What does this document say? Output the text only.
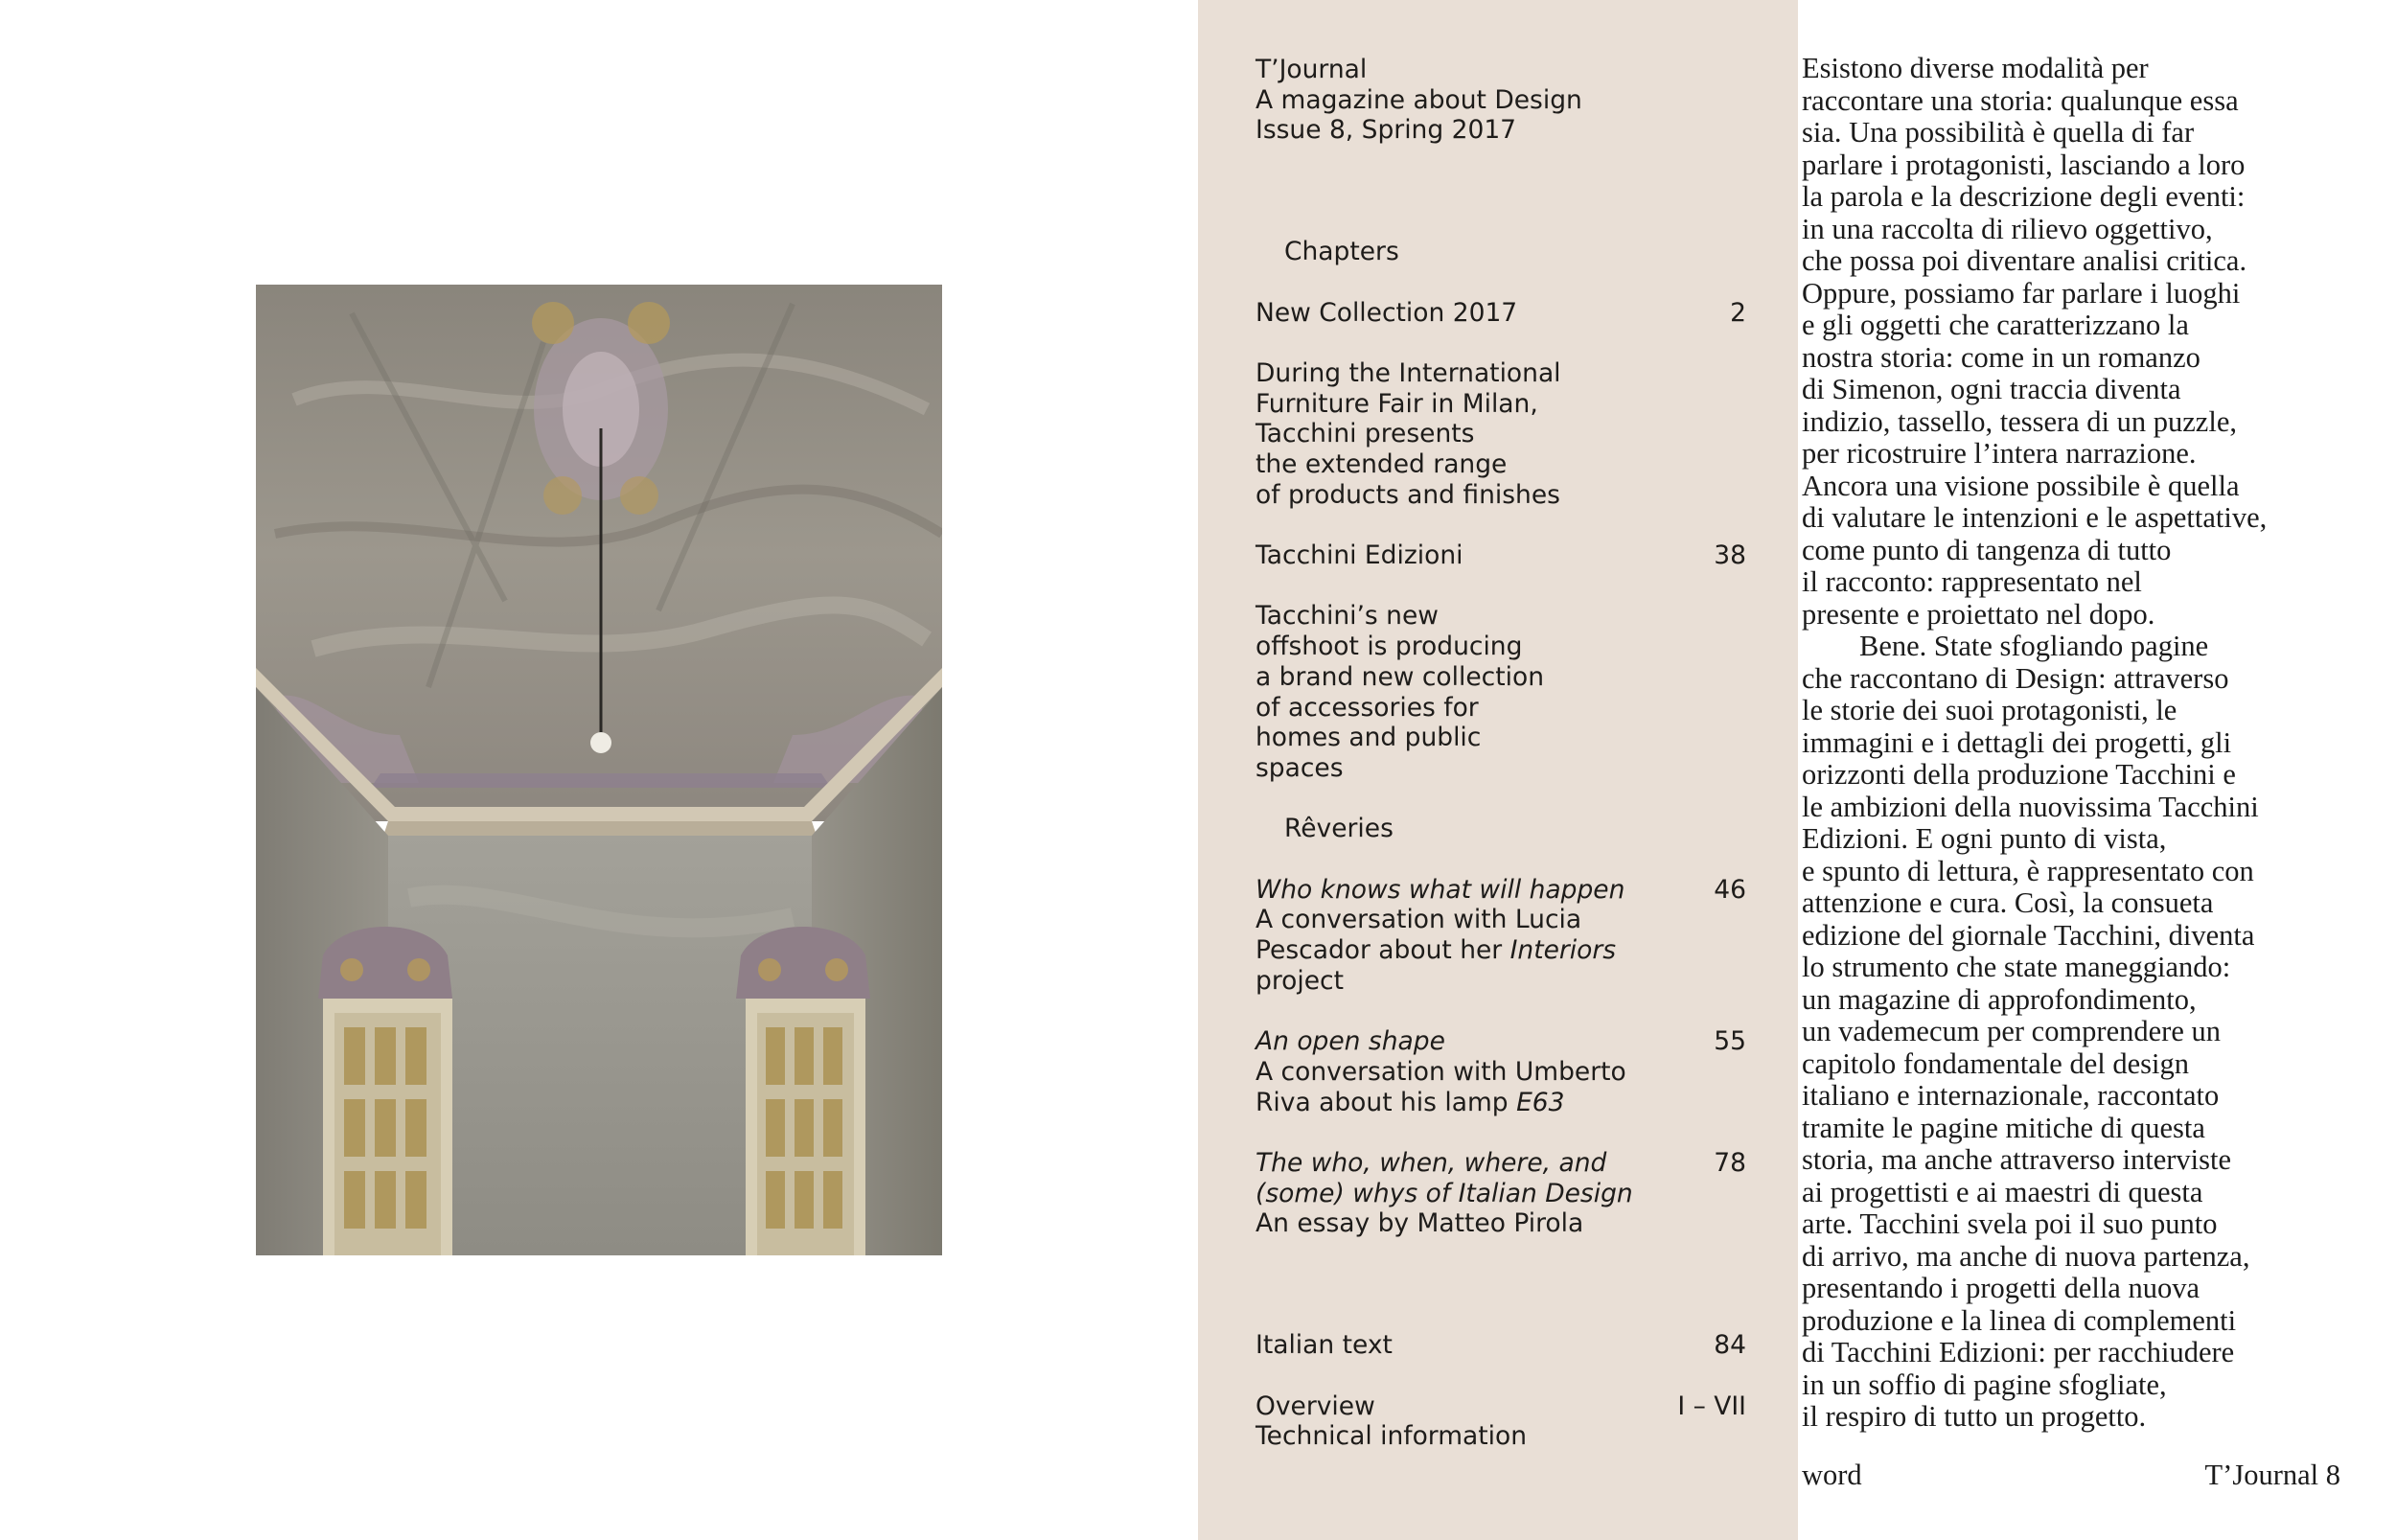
T’Journal
A magazine about Design
Issue 8, Spring 2017
Chapters
New Collection 2017	2
During the International
Furniture Fair in Milan,
Tacchini presents
the extended range
of products and finishes
Tacchini Edizioni	38
Tacchini’s new
offshoot is producing
a brand new collection
of accessories for
homes and public
spaces
Rêveries
Who knows what will happen	46
A conversation with Lucia
Pescador about her Interiors
project
An open shape	55
A conversation with Umberto
Riva about his lamp E63
The who, when, where, and	78
(some) whys of Italian Design
An essay by Matteo Pirola
Italian text	84
Overview	I – VII
Technical information
Esistono diverse modalità per
raccontare una storia: qualunque essa
sia. Una possibilità è quella di far
parlare i protagonisti, lasciando a loro
la parola e la descrizione degli eventi:
in una raccolta di rilievo oggettivo,
che possa poi diventare analisi critica.
Oppure, possiamo far parlare i luoghi
e gli oggetti che caratterizzano la
nostra storia: come in un romanzo
di Simenon, ogni traccia diventa
indizio, tassello, tessera di un puzzle,
per ricostruire l’intera narrazione.
Ancora una visione possibile è quella
di valutare le intenzioni e le aspettative,
come punto di tangenza di tutto
il racconto: rappresentato nel
presente e proiettato nel dopo.
Bene. State sfogliando pagine
che raccontano di Design: attraverso
le storie dei suoi protagonisti, le
immagini e i dettagli dei progetti, gli
orizzonti della produzione Tacchini e
le ambizioni della nuovissima Tacchini
Edizioni. E ogni punto di vista,
e spunto di lettura, è rappresentato con
attenzione e cura. Così, la consueta
edizione del giornale Tacchini, diventa
lo strumento che state maneggiando:
un magazine di approfondimento,
un vademecum per comprendere un
capitolo fondamentale del design
italiano e internazionale, raccontato
tramite le pagine mitiche di questa
storia, ma anche attraverso interviste
ai progettisti e ai maestri di questa
arte. Tacchini svela poi il suo punto
di arrivo, ma anche di nuova partenza,
presentando i progetti della nuova
produzione e la linea di complementi
di Tacchini Edizioni: per racchiudere
in un soffio di pagine sfogliate,
il respiro di tutto un progetto.
word	T’Journal 8
